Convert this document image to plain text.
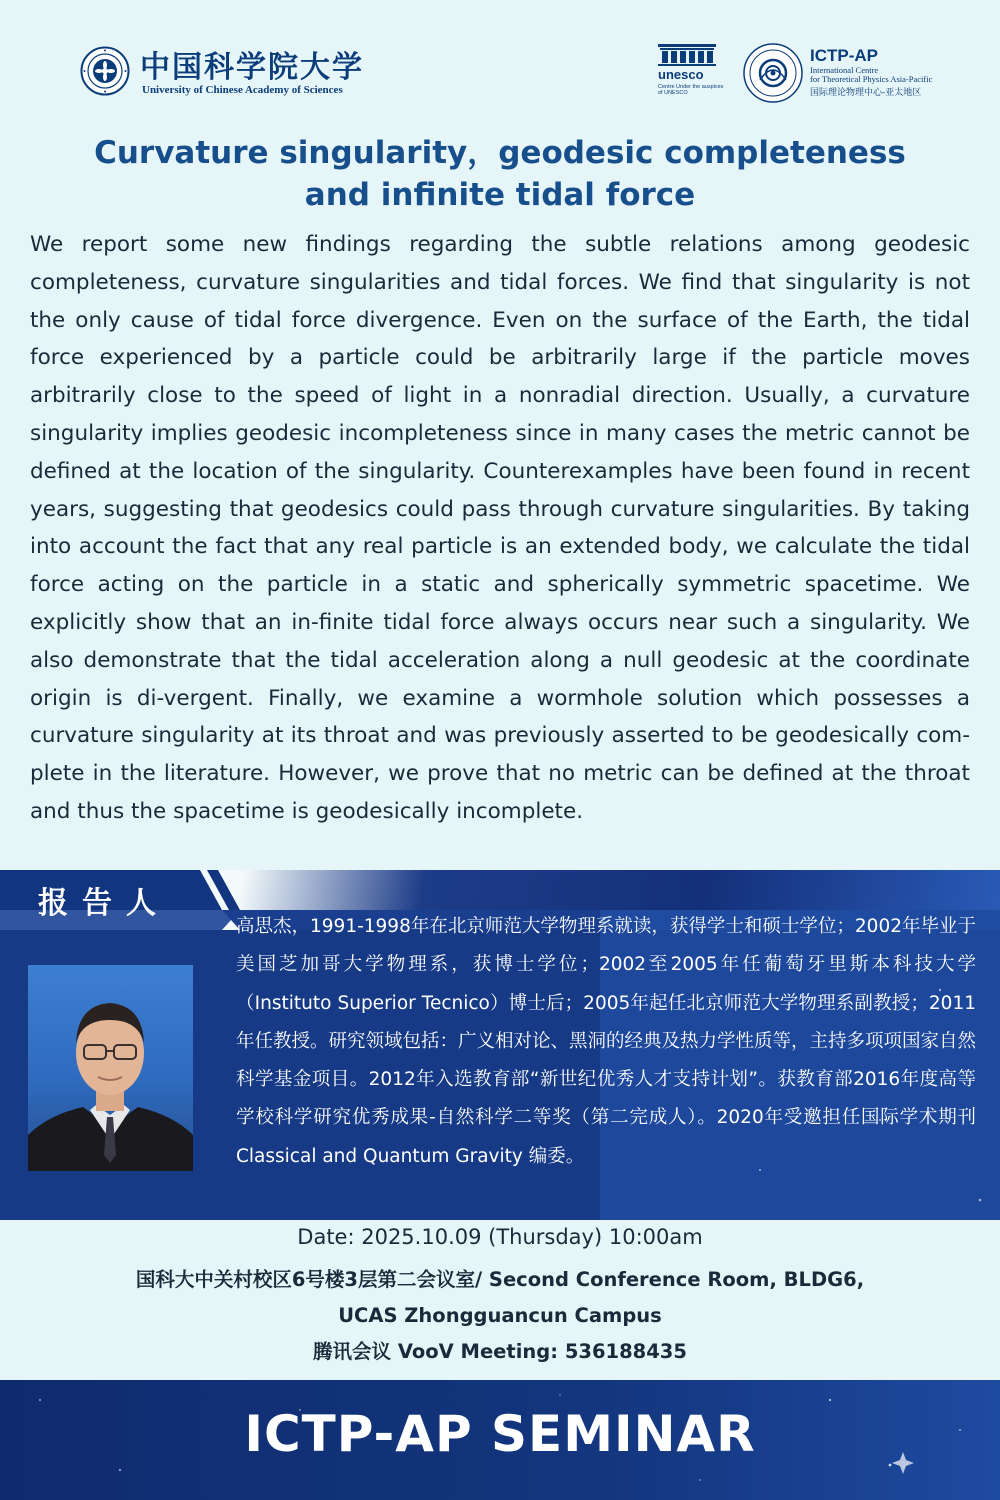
中国科学院大学
University of Chinese Academy of Sciences
unesco
Centre Under the auspices of UNESCO
ICTP-AP
International Centre
for Theoretical Physics Asia-Pacific
国际理论物理中心-亚太地区
Curvature singularity，geodesic completeness
and infinite tidal force
We report some new findings regarding the subtle relations among geodesic completeness, curvature singularities and tidal forces. We find that singularity is not the only cause of tidal force divergence. Even on the surface of the Earth, the tidal force experienced by a particle could be arbitrarily large if the particle moves arbitrarily close to the speed of light in a nonradial direction. Usually, a curvature singularity implies geodesic incompleteness since in many cases the metric cannot be defined at the location of the singularity. Counterexamples have been found in recent years, suggesting that geodesics could pass through curvature singularities. By taking into account the fact that any real particle is an extended body, we calculate the tidal force acting on the particle in a static and spherically symmetric spacetime. We explicitly show that an in-finite tidal force always occurs near such a singularity. We also demonstrate that the tidal acceleration along a null geodesic at the coordinate origin is di-vergent. Finally, we examine a wormhole solution which possesses a curvature singularity at its throat and was previously asserted to be geodesically com-plete in the literature. However, we prove that no metric can be defined at the throat and thus the spacetime is geodesically incomplete.
报告人
高思杰，1991-1998年在北京师范大学物理系就读，获得学士和硕士学位；2002年毕业于美国芝加哥大学物理系，获博士学位；2002至2005年任葡萄牙里斯本科技大学（Instituto Superior Tecnico）博士后；2005年起任北京师范大学物理系副教授；2011年任教授。研究领域包括：广义相对论、黑洞的经典及热力学性质等，主持多项项国家自然科学基金项目。2012年入选教育部“新世纪优秀人才支持计划”。获教育部2016年度高等学校科学研究优秀成果-自然科学二等奖（第二完成人）。2020年受邀担任国际学术期刊 Classical and Quantum Gravity 编委。
Date: 2025.10.09 (Thursday) 10:00am
国科大中关村校区6号楼3层第二会议室/ Second Conference Room, BLDG6,
UCAS Zhongguancun Campus
腾讯会议 VooV Meeting: 536188435
ICTP-AP SEMINAR
